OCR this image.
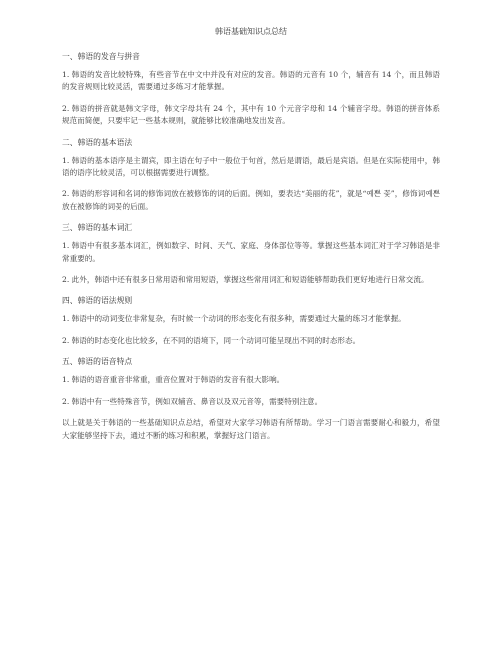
韩语基础知识点总结
一、韩语的发音与拼音

1. 韩语的发音比较特殊，有些音节在中文中并没有对应的发音。韩语的元音有 10 个，辅音有 14 个，而且韩语的发音规则比较灵活，需要通过多练习才能掌握。

2. 韩语的拼音就是韩文字母，韩文字母共有 24 个，其中有 10 个元音字母和 14 个辅音字母。韩语的拼音体系规范而简便，只要牢记一些基本规则，就能够比较准确地发出发音。

二、韩语的基本语法

1. 韩语的基本语序是主谓宾，即主语在句子中一般位于句首，然后是谓语，最后是宾语。但是在实际使用中，韩语的语序比较灵活，可以根据需要进行调整。

2. 韩语的形容词和名词的修饰词放在被修饰的词的后面。例如，要表达“美丽的花”，就是“예쁜 꽃”，修饰词예쁜放在被修饰的词꽃的后面。

三、韩语的基本词汇

1. 韩语中有很多基本词汇，例如数字、时间、天气、家庭、身体部位等等。掌握这些基本词汇对于学习韩语是非常重要的。

2. 此外，韩语中还有很多日常用语和常用短语，掌握这些常用词汇和短语能够帮助我们更好地进行日常交流。

四、韩语的语法规则

1. 韩语中的动词变位非常复杂，有时候一个动词的形态变化有很多种，需要通过大量的练习才能掌握。

2. 韩语的时态变化也比较多，在不同的语境下，同一个动词可能呈现出不同的时态形态。

五、韩语的语音特点

1. 韩语的语音重音非常重，重音位置对于韩语的发音有很大影响。

2. 韩语中有一些特殊音节，例如双辅音、鼻音以及双元音等，需要特别注意。

以上就是关于韩语的一些基础知识点总结，希望对大家学习韩语有所帮助。学习一门语言需要耐心和毅力，希望大家能够坚持下去，通过不断的练习和积累，掌握好这门语言。
